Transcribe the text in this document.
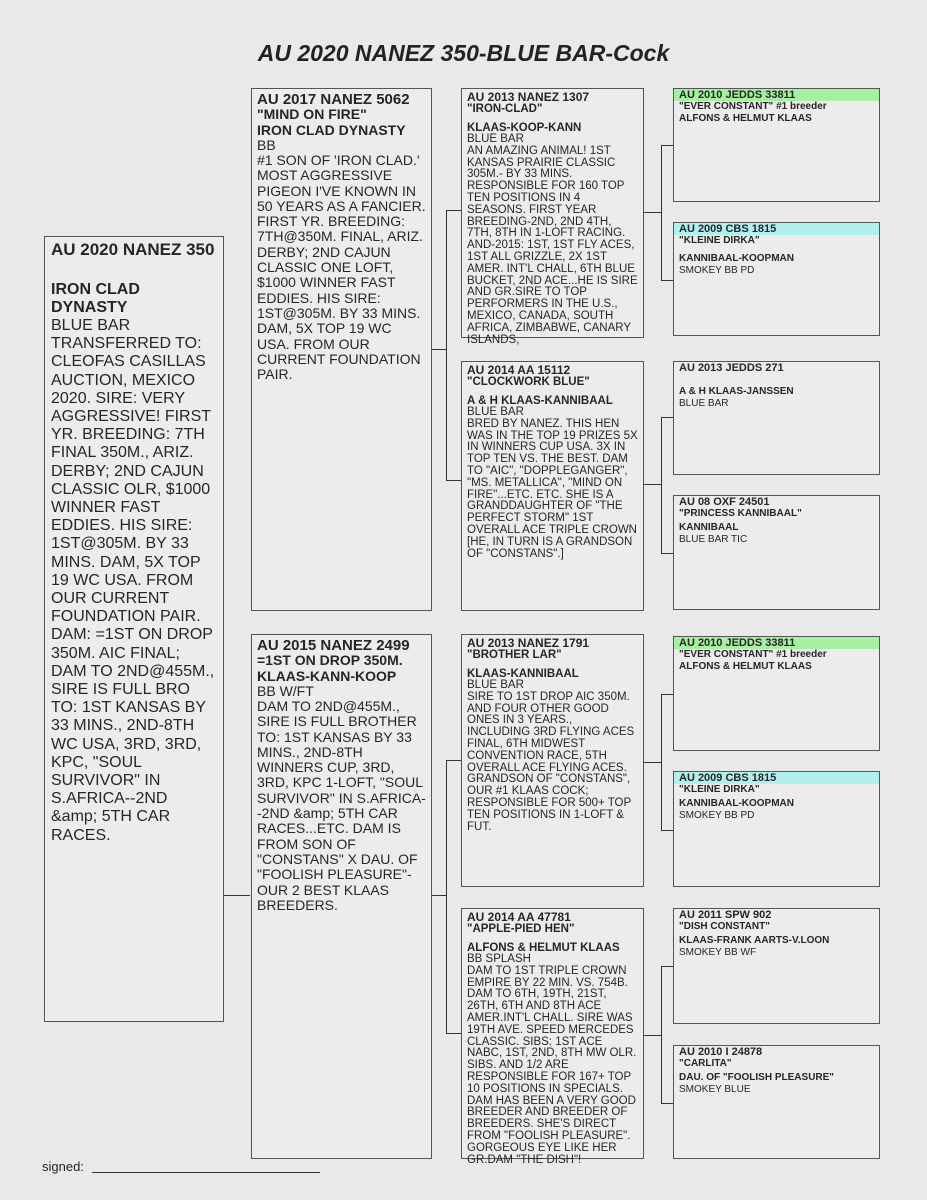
AU 2020 NANEZ 350-BLUE BAR-Cock
AU 2020 NANEZ 350
IRON CLAD DYNASTY
BLUE BAR TRANSFERRED TO: CLEOFAS CASILLAS AUCTION, MEXICO 2020. SIRE: VERY AGGRESSIVE! FIRST YR. BREEDING: 7TH FINAL 350M., ARIZ. DERBY; 2ND CAJUN CLASSIC OLR, $1000 WINNER FAST EDDIES. HIS SIRE: 1ST@305M. BY 33 MINS. DAM, 5X TOP 19 WC USA. FROM OUR CURRENT FOUNDATION PAIR. DAM: =1ST ON DROP 350M. AIC FINAL; DAM TO 2ND@455M., SIRE IS FULL BRO TO: 1ST KANSAS BY 33 MINS., 2ND-8TH WC USA, 3RD, 3RD, KPC, "SOUL SURVIVOR" IN S.AFRICA--2ND &amp; 5TH CAR RACES.
AU 2017 NANEZ 5062
"MIND ON FIRE"
IRON CLAD DYNASTY
BB
#1 SON OF 'IRON CLAD.' MOST AGGRESSIVE PIGEON I'VE KNOWN IN 50 YEARS AS A FANCIER. FIRST YR. BREEDING: 7TH@350M. FINAL, ARIZ. DERBY; 2ND CAJUN CLASSIC ONE LOFT, $1000 WINNER FAST EDDIES. HIS SIRE: 1ST@305M. BY 33 MINS. DAM, 5X TOP 19 WC USA. FROM OUR CURRENT FOUNDATION PAIR.
AU 2015 NANEZ 2499
=1ST ON DROP 350M.
KLAAS-KANN-KOOP
BB W/FT
DAM TO 2ND@455M., SIRE IS FULL BROTHER TO: 1ST KANSAS BY 33 MINS., 2ND-8TH WINNERS CUP, 3RD, 3RD, KPC 1-LOFT, "SOUL SURVIVOR" IN S.AFRICA--2ND &amp; 5TH CAR RACES...ETC. DAM IS FROM SON OF "CONSTANS" X DAU. OF "FOOLISH PLEASURE"- OUR 2 BEST KLAAS BREEDERS.
AU 2013 NANEZ 1307
"IRON-CLAD"
KLAAS-KOOP-KANN
BLUE BAR
AN AMAZING ANIMAL! 1ST KANSAS PRAIRIE CLASSIC 305M.- BY 33 MINS. RESPONSIBLE FOR 160 TOP TEN POSITIONS IN 4 SEASONS. FIRST YEAR BREEDING-2ND, 2ND 4TH, 7TH, 8TH IN 1-LOFT RACING. AND-2015: 1ST, 1ST FLY ACES, 1ST ALL GRIZZLE, 2X 1ST AMER. INT'L CHALL, 6TH BLUE BUCKET, 2ND ACE...HE IS SIRE AND GR.SIRE TO TOP PERFORMERS IN THE U.S., MEXICO, CANADA, SOUTH AFRICA, ZIMBABWE, CANARY ISLANDS,
AU 2014 AA 15112
"CLOCKWORK BLUE"
A & H KLAAS-KANNIBAAL
BLUE BAR
BRED BY NANEZ. THIS HEN WAS IN THE TOP 19 PRIZES 5X IN WINNERS CUP USA. 3X IN TOP TEN VS. THE BEST. DAM TO "AIC", "DOPPLEGANGER", "MS. METALLICA", "MIND ON FIRE"...ETC. ETC. SHE IS A GRANDDAUGHTER OF "THE PERFECT STORM" 1ST OVERALL ACE TRIPLE CROWN [HE, IN TURN IS A GRANDSON OF "CONSTANS".]
AU 2013 NANEZ 1791
"BROTHER LAR"
KLAAS-KANNIBAAL
BLUE BAR
SIRE TO 1ST DROP AIC 350M. AND FOUR OTHER GOOD ONES IN 3 YEARS., INCLUDING 3RD FLYING ACES FINAL, 6TH MIDWEST CONVENTION RACE, 5TH OVERALL ACE FLYING ACES. GRANDSON OF "CONSTANS", OUR #1 KLAAS COCK; RESPONSIBLE FOR 500+ TOP TEN POSITIONS IN 1-LOFT & FUT.
AU 2014 AA 47781
"APPLE-PIED HEN"
ALFONS & HELMUT KLAAS
BB SPLASH
DAM TO 1ST TRIPLE CROWN EMPIRE BY 22 MIN. VS. 754B. DAM TO 6TH, 19TH, 21ST, 26TH, 6TH AND 8TH ACE AMER.INT'L CHALL. SIRE WAS 19TH AVE. SPEED MERCEDES CLASSIC. SIBS: 1ST ACE NABC, 1ST, 2ND, 8TH MW OLR. SIBS. AND 1/2 ARE RESPONSIBLE FOR 167+ TOP 10 POSITIONS IN SPECIALS. DAM HAS BEEN A VERY GOOD BREEDER AND BREEDER OF BREEDERS. SHE'S DIRECT FROM "FOOLISH PLEASURE". GORGEOUS EYE LIKE HER GR.DAM "THE DISH"!
AU 2010 JEDDS 33811
"EVER CONSTANT" #1 breeder
ALFONS & HELMUT KLAAS
AU 2009 CBS 1815
"KLEINE DIRKA"
KANNIBAAL-KOOPMAN
SMOKEY BB PD
AU 2013 JEDDS 271
A & H KLAAS-JANSSEN
BLUE BAR
AU 08 OXF 24501
"PRINCESS KANNIBAAL"
KANNIBAAL
BLUE BAR TIC
AU 2010 JEDDS 33811
"EVER CONSTANT" #1 breeder
ALFONS & HELMUT KLAAS
AU 2009 CBS 1815
"KLEINE DIRKA"
KANNIBAAL-KOOPMAN
SMOKEY BB PD
AU 2011 SPW 902
"DISH CONSTANT"
KLAAS-FRANK AARTS-V.LOON
SMOKEY BB WF
AU 2010 I 24878
"CARLITA"
DAU. OF "FOOLISH PLEASURE"
SMOKEY BLUE
signed:
